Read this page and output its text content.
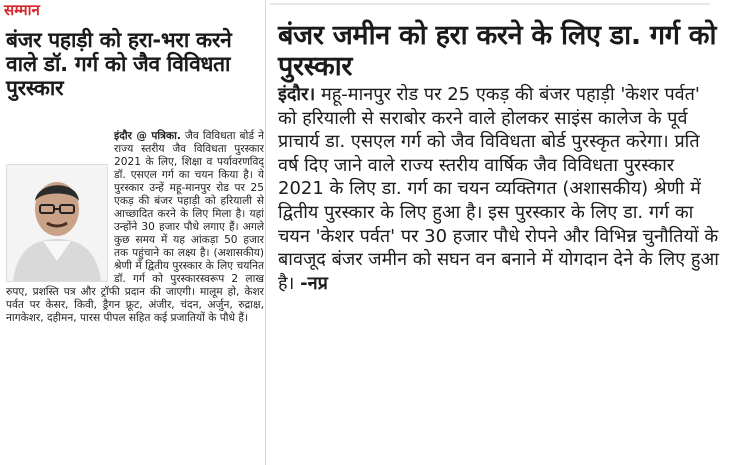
सम्मान
बंजर पहाड़ी को हरा-भरा करने वाले डॉ. गर्ग को जैव विविधता पुरस्कार
इंदौर @ पत्रिका. जैव विविधता बोर्ड ने राज्य स्तरीय जैव विविधता पुरस्कार 2021 के लिए, शिक्षा व पर्यावरणविद् डॉ. एसएल गर्ग का चयन किया है। ये पुरस्कार उन्हें महू-मानपुर रोड पर 25 एकड़ की बंजर पहाड़ी को हरियाली से आच्छादित करने के लिए मिला है। यहां उन्होंने 30 हजार पौधे लगाए हैं। अगले कुछ समय में यह आंकड़ा 50 हजार तक पहुंचाने का लक्ष्य है। (अशासकीय) श्रेणी में द्वितीय पुरस्कार के लिए चयनित डॉ. गर्ग को पुरस्कारस्वरूप 2 लाख रुपए, प्रशस्ति पत्र और ट्रॉफी प्रदान की जाएगी। मालूम हो, केशर पर्वत पर केसर, किवी, ड्रैगन फ्रूट, अंजीर, चंदन, अर्जुन, रुद्राक्ष, नागकेशर, दहीमन, पारस पीपल सहित कई प्रजातियों के पौधे हैं।
बंजर जमीन को हरा करने के लिए डा. गर्ग को पुरस्कार
इंदौर। महू-मानपुर रोड पर 25 एकड़ की बंजर पहाड़ी 'केशर पर्वत' को हरियाली से सराबोर करने वाले होलकर साइंस कालेज के पूर्व प्राचार्य डा. एसएल गर्ग को जैव विविधता बोर्ड पुरस्कृत करेगा। प्रति वर्ष दिए जाने वाले राज्य स्तरीय वार्षिक जैव विविधता पुरस्कार 2021 के लिए डा. गर्ग का चयन व्यक्तिगत (अशासकीय) श्रेणी में द्वितीय पुरस्कार के लिए हुआ है। इस पुरस्कार के लिए डा. गर्ग का चयन 'केशर पर्वत' पर 30 हजार पौधे रोपने और विभिन्न चुनौतियों के बावजूद बंजर जमीन को सघन वन बनाने में योगदान देने के लिए हुआ है। -नप्र
